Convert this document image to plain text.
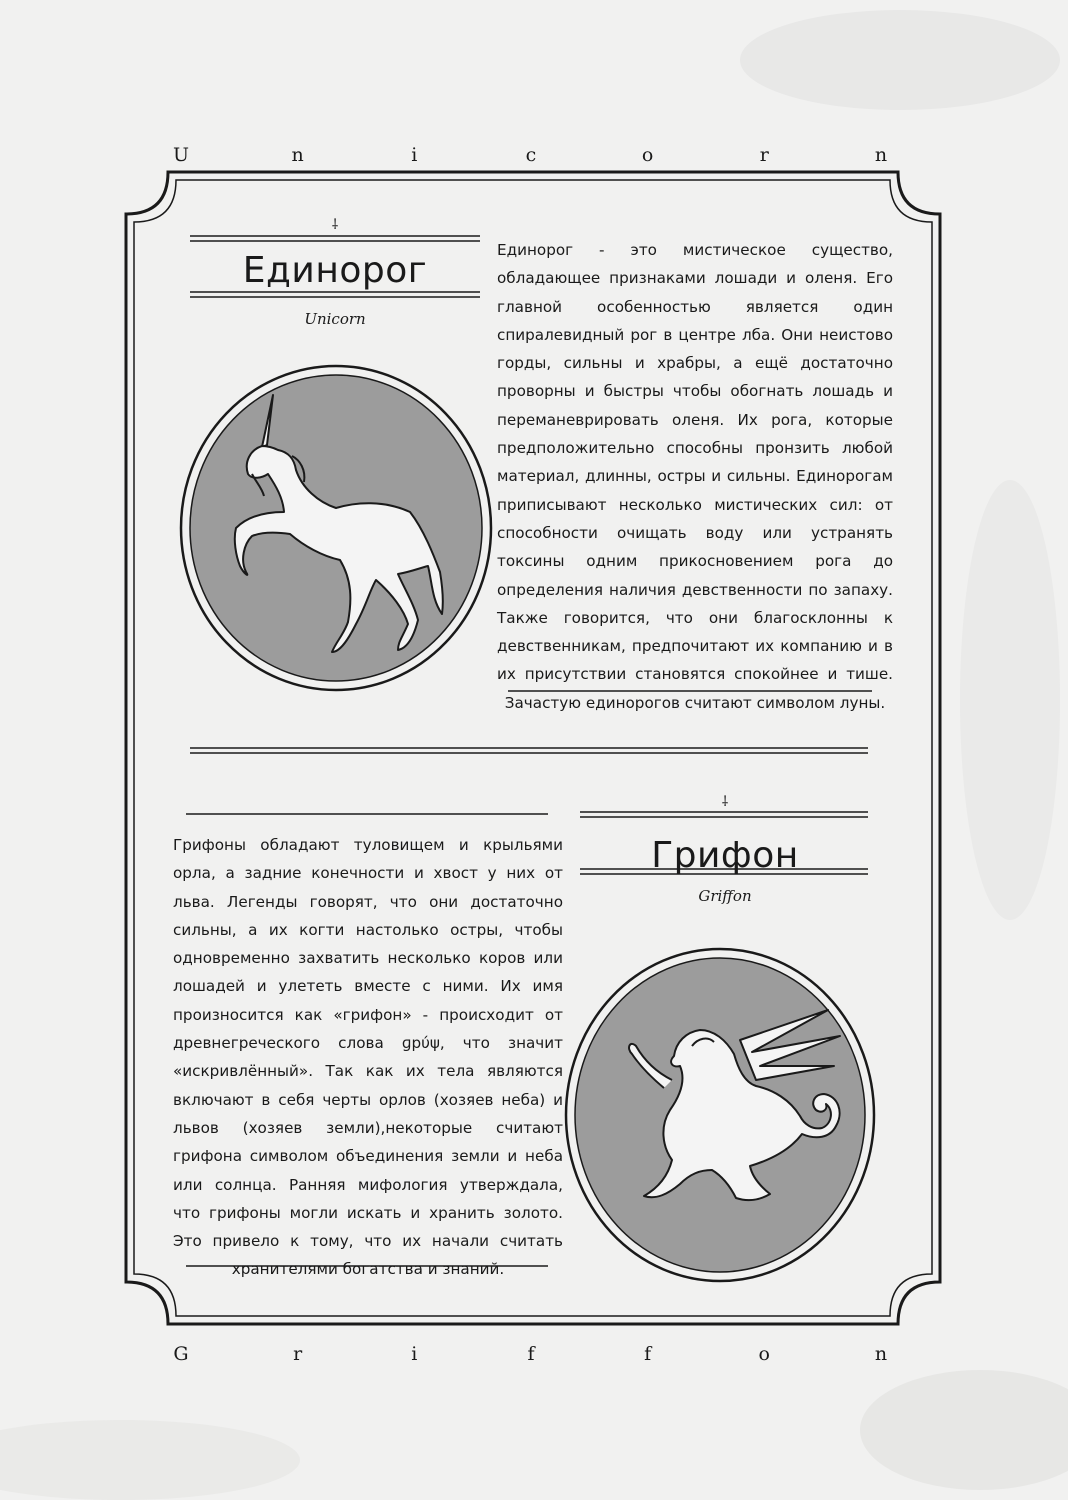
U	n	i	c	o	r	n
G	r	i	f	f	o	n
⸸
Единорог
Unicorn

Единорог - это мистическое существо, обладающее признаками лошади и оленя. Его главной особенностью является один спиралевидный рог в центре лба. Они неистово горды, сильны и храбры, а ещё достаточно проворны и быстры чтобы обогнать лошадь и переманеврировать оленя. Их рога, которые предположительно способны пронзить любой материал, длинны, остры и сильны. Единорогам приписывают несколько мистических сил: от способности очищать воду или устранять токсины одним прикосновением рога до определения наличия девственности по запаху. Также говорится, что они благосклонны к девственникам, предпочитают их компанию и в их присутствии становятся спокойнее и тише. Зачастую единорогов считают символом луны.

⸸
Грифон
Griffon

Грифоны обладают туловищем и крыльями орла, а задние конечности и хвост у них от льва. Легенды говорят, что они достаточно сильны, а их когти настолько остры, чтобы одновременно захватить несколько коров или лошадей и улететь вместе с ними. Их имя произносится как «грифон» - происходит от древнегреческого слова ɡpύψ, что значит «искривлённый». Так как их тела являются включают в себя черты орлов (хозяев неба) и львов (хозяев земли),некоторые считают грифона символом объединения земли и неба или солнца. Ранняя мифология утверждала, что грифоны могли искать и хранить золото. Это привело к тому, что их начали считать хранителями богатства и знаний.
